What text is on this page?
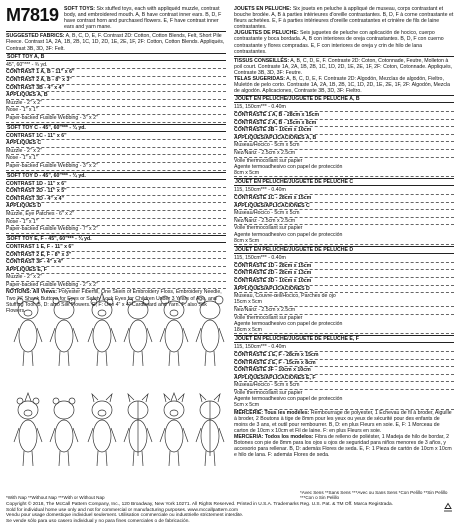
M7819 SOFT TOYS: Six stuffed toys, each with appliquéd muzzle, contrast body, and embroidered mouth. A, B have contrast inner ears. B, D, F have contrast horn and purchased flowers. E, F have contrast inner ears and yarn mane.
SUGGESTED FABRICS: A, B, C, D, E, F. Contrast 2D: Cotton, Cotton Blends, Felt, Short Pile Fleece. Contrast 1A, 2A, 1B, 2B, 1C, 1D, 2D, 1E, 2E, 1F, 2F: Cotton, Cotton Blends. Appliqués, Contrast 3B, 3D, 3F: Felt.
SOFT TOY A, B
45", 60"*** - ¾ yd.
CONTRAST 1 A, B - 11" x 6"
CONTRAST 2 A, B - 8" x 3"
CONTRAST 3B - 4" x 4"
APPLIQUÉS A, B
Muzzle - 2" x 2"
Nose - 1" x 1"
Paper-backed Fusible Webbing - 3" x 2"
SOFT TOY C - 45", 60"*** - ¾ yd.
CONTRAST 1C - 11" x 6"
APPLIQUÉS C
Muzzle - 2" x 2"
Nose - 1" x 1"
Paper-backed Fusible Webbing - 3" x 2"
SOFT TOY D - 45", 60"*** - ¾ yd.
CONTRAST 1D - 11" x 6"
CONTRAST 2D - 11" x 5"
CONTRAST 3D - 4" x 4"
APPLIQUÉS D
Muzzle, Eye Patches - 6" x 2"
Nose - 1" x 1"
Paper-backed Fusible Webbing - 7" x 2"
SOFT TOY E, F - 45", 60"*** - ¾ yd.
CONTRAST 1 E, F - 11" x 6"
CONTRAST 2 E, F - 8" x 3"
CONTRAST 3F - 4" x 4"
APPLIQUÉS E, F
Muzzle - 2" x 2"
Paper-backed Fusible Webbing - 2" x 2"
NOTIONS: All Views: Polyester Fiberfill, One Skein of Embroidery Floss, Embroidery Needle, Two ⅜" Shank Buttons for Eyes or Safety Lock Eyes for Children Under 3 Years of Age, and Stuffing Tool. B, D: also Silk Flowers. E, F: One 4" x 4" Cardboard and Yarn. F: also Silk Flowers.
JOUETS EN PELUCHE: Six jouets en peluche à appliqué de museau, corps contrastant et bouche brodée. A, B à parties intérieures d'oreille contrastantes. B, D, F à corne contrastante et fleurs achetées. E, F à parties intérieures d'oreille contrastantes et crinière de fils de laine contrastantes.
JUGUETES DE PELUCHE: Seis juguetes de peluche con aplicación de hocico, cuerpo contrastante y boca bordada. A, B con interiores de oreja contrastantes. B, D, F con cuerno contrastante y flores compradas. E, F con interiores de oreja y crin de hilo de lana contrastantes.
TISSUS CONSEILLÉS: A, B, C, D, E, F. Contraste 2D: Coton, Cotonnade, Feutre, Molleton à poil court. Contraste 1A, 2A, 1B, 2B, 1C, 1D, 2D, 1E, 2E, 1F, 2F: Coton, Cotonnade. Appliqués, Contraste 3B, 3D, 3F: Feutre.
TELAS SUGERIDAS: A, B, C, D, E, F. Contraste 2D: Algodón, Mezclas de algodón, Fieltro, Muletón de pelo corto. Contraste 1A, 2A, 1B, 2B, 1C, 1D, 2D, 1E, 2E, 1F, 2F: Algodón, Mezcla de algodón. Aplicaciones, Contraste 3B, 3D, 3F: Fieltro.
JOUET EN PELUCHE/JUGUETE DE PELUCHE A, B
115, 150cm*** - 0.40m
CONTRASTE 1 A, B - 28cm x 15cm
CONTRASTE 2 A, B - 15cm x 8cm
CONTRASTE 3B - 10cm x 10cm
APPLIQUÉS/APLICACIONES A, B
Museau/Hocico - 5cm x 5cm
Nez/Nariz - 2.5cm x 2.5cm
Voile thermocollant sur papier
Agente termoadhesivo con papel de protección
8cm x 5cm
JOUET EN PELUCHE/JUGUETE DE PELUCHE C
115, 150cm*** - 0.40m
CONTRASTE 1C - 28cm x 15cm
APPLIQUÉS/APLICACIONES C
Museau/Hocico - 5cm x 5cm
Nez/Nariz - 2.5cm x 2.5cm
Voile thermocollant sur papier
Agente termoadhesivo con papel de protección
8cm x 5cm
JOUET EN PELUCHE/JUGUETE DE PELUCHE D
115, 150cm*** - 0.40m
CONTRASTE 1D - 28cm x 15cm
CONTRASTE 2D - 28cm x 13cm
CONTRASTE 3D - 10cm x 10cm
APPLIQUÉS/APLICACIONES D
Museau, Couvre-œil/Hocico, Parches de ojo
15cm x 5cm
Nez/Nariz - 2.5cm x 2.5cm
Voile thermocollant sur papier
Agente termoadhesivo con papel de protección
18cm x 5cm
JOUET EN PELUCHE/JUGUETE DE PELUCHE E, F
115, 150cm*** - 0.40m
CONTRASTE 1 E, F - 28cm x 15cm
CONTRASTE 2 E, F - 15cm x 8cm
CONTRASTE 3F - 10cm x 10cm
APPLIQUÉS/APLICACIONES E, F
Museau/Hocico - 5cm x 5cm
Voile thermocollant sur papier
Agente termoadhesivo con papel de protección
5cm x 5cm
MERCERIE: Tous les modèles: Rembourrage de polyester, 1 Échevau de fil à broder, Aiguille à broder, 2 Boutons à tige de 8mm pour les yeux ou yeux de sécurité pour des enfants de moins de 3 ans, et outil pour rembourrer. B, D: en plus Fleurs en soie. E, F: 1 Morceau de carton de 10cm x 10cm et Fil de laine. F: en plus Fleurs en soie.
MERCERIA: Todos los modelos: Fibra de relleno de poliéster, 1 Madeja de hilo de bordar, 2 Botones con pie de 8mm para los ojos u ojos de seguridad para niños menores de 3 años, y accesorio para rellenar. B, D: además Flores de seda. E, F: 1 Pieza de cartón de 10cm x 10cm e hilo de lana. F: además Flores de seda.
*With Nap **Without Nap ***With or Without Nap
*Avec Sens **Sans Sens ***Avec ou Sans Sens *Con Pelillo **Sin Pelillo ***Con o Sin Pelillo
Copyright © 2018, The McCall Pattern Company, Inc., 120 Broadway, New York 10271. All Rights Reserved. Printed in U.S.A. Trademarks Reg. U.S. Pat. & TM Off. Marca Registrada.
Sold for individual home use only and not for commercial or manufacturing purposes. www.mccallpattern.com
Vendu pour usage domestique individuel seulement. Utilisation commerciale ou industrielle strictement interdite.
Se vende sólo para uso casero individual y no para fines comerciales o de fabricación.
